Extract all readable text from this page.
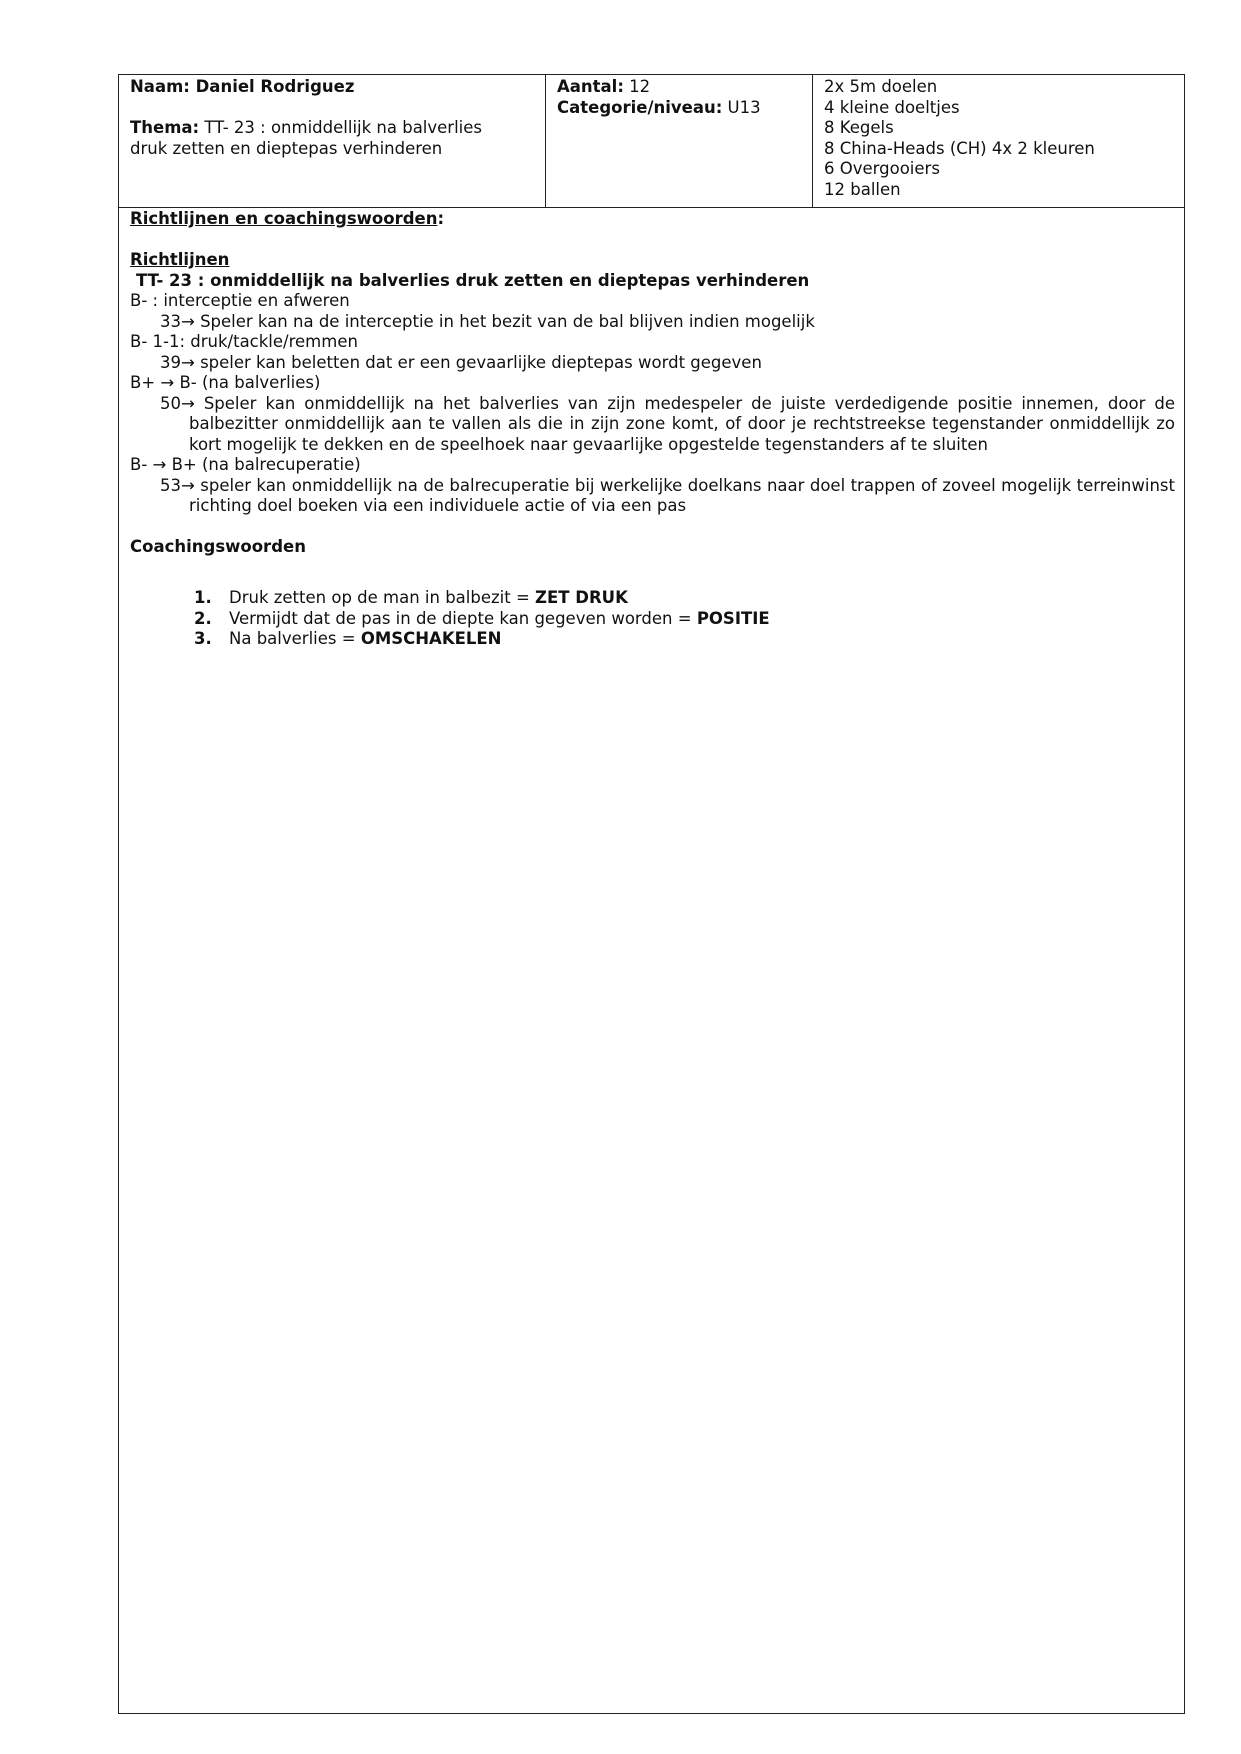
Naam: Daniel Rodriguez
Thema: TT- 23 : onmiddellijk na balverlies
druk zetten en dieptepas verhinderen
Aantal: 12
Categorie/niveau: U13
2x 5m doelen
4 kleine doeltjes
8 Kegels
8 China-Heads (CH) 4x 2 kleuren
6 Overgooiers
12 ballen
Richtlijnen en coachingswoorden:
Richtlijnen
TT- 23 : onmiddellijk na balverlies druk zetten en dieptepas verhinderen
B- : interceptie en afweren
33→ Speler kan na de interceptie in het bezit van de bal blijven indien mogelijk
B- 1-1: druk/tackle/remmen
39→ speler kan beletten dat er een gevaarlijke dieptepas wordt gegeven
B+ → B- (na balverlies)
50→ Speler kan onmiddellijk na het balverlies van zijn medespeler de juiste verdedigende positie innemen, door de balbezitter onmiddellijk aan te vallen als die in zijn zone komt, of door je rechtstreekse tegenstander onmiddellijk zo kort mogelijk te dekken en de speelhoek naar gevaarlijke opgestelde tegenstanders af te sluiten
B- → B+ (na balrecuperatie)
53→ speler kan onmiddellijk na de balrecuperatie bij werkelijke doelkans naar doel trappen of zoveel mogelijk terreinwinst richting doel boeken via een individuele actie of via een pas
Coachingswoorden
1. Druk zetten op de man in balbezit = ZET DRUK
2. Vermijdt dat de pas in de diepte kan gegeven worden = POSITIE
3. Na balverlies = OMSCHAKELEN
